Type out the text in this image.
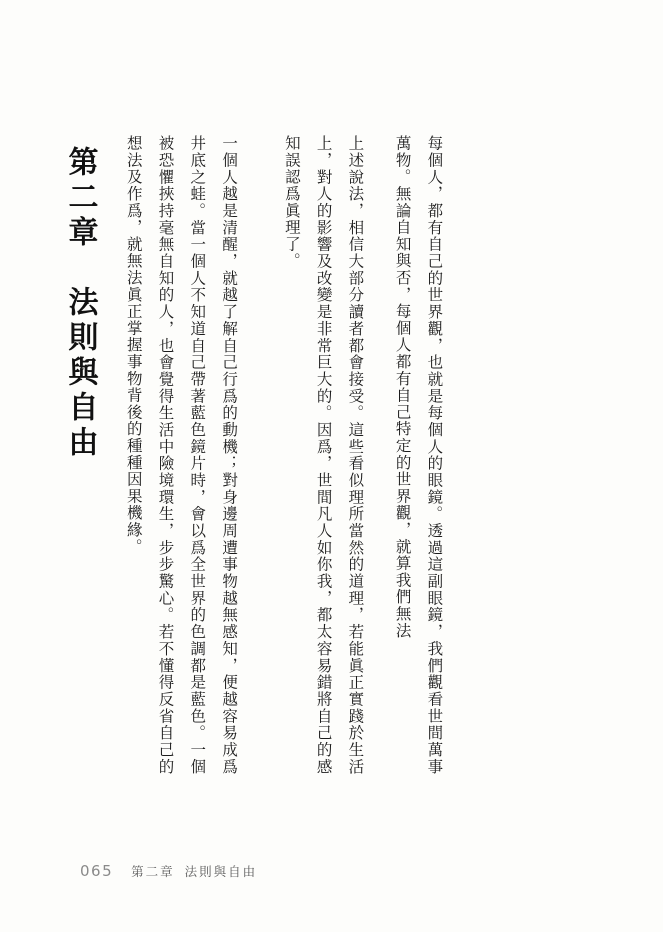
第二章　法則與自由	一個人越是清醒，就越了解自己行爲的動機；對身邊周遭事物越無感知，便越容易成爲井底之蛙。當一個人不知道自己帶著藍色鏡片時，會以爲全世界的色調都是藍色。一個被恐懼挾持毫無自知的人，也會覺得生活中險境環生，步步驚心。若不懂得反省自己的想法及作爲，就無法眞正掌握事物背後的種種因果機緣。	上述說法，相信大部分讀者都會接受。這些看似理所當然的道理，若能眞正實踐於生活上，對人的影響及改變是非常巨大的。因爲，世間凡人如你我，都太容易錯將自己的感知誤認爲眞理了。	每個人，都有自己的世界觀，也就是每個人的眼鏡。透過這副眼鏡，我們觀看世間萬事萬物。無論自知與否，每個人都有自己特定的世界觀，就算我們無法

065 第二章 法則與自由
